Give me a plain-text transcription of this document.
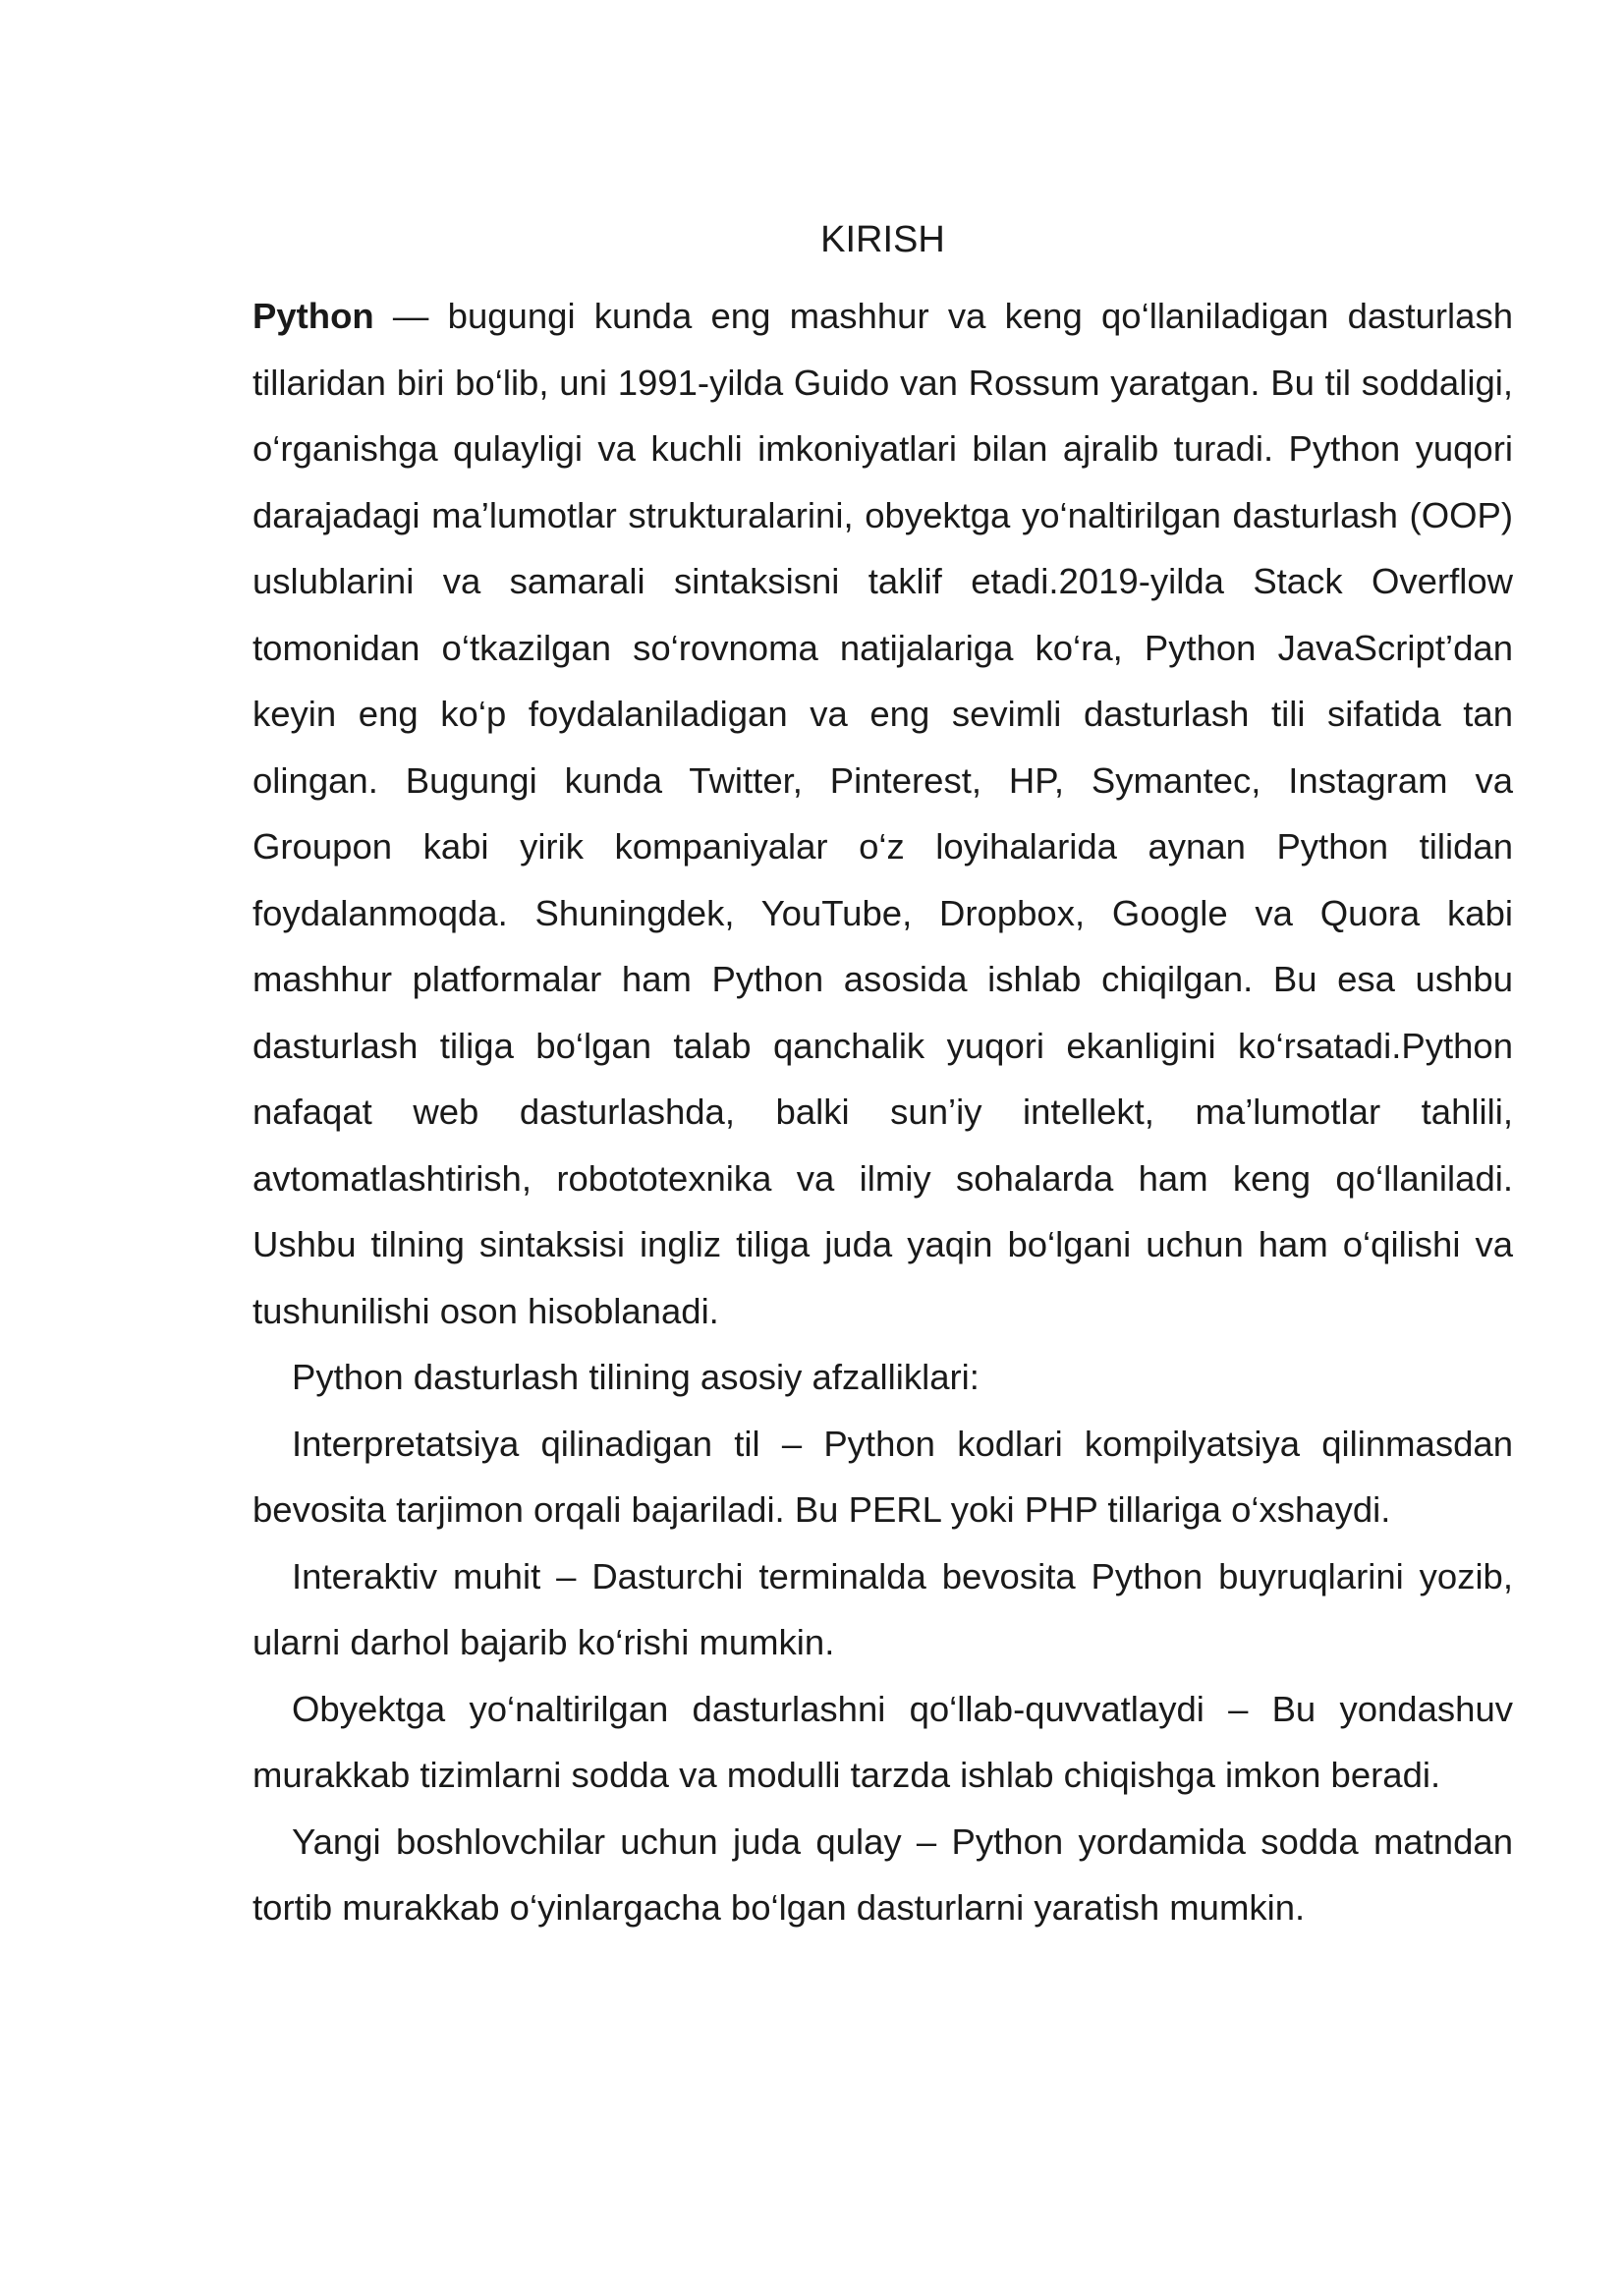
KIRISH

Python — bugungi kunda eng mashhur va keng qo‘llaniladigan dasturlash tillaridan biri bo‘lib, uni 1991-yilda Guido van Rossum yaratgan. Bu til soddaligi, o‘rganishga qulayligi va kuchli imkoniyatlari bilan ajralib turadi. Python yuqori darajadagi ma’lumotlar strukturalarini, obyektga yo‘naltirilgan dasturlash (OOP) uslublarini va samarali sintaksisni taklif etadi.2019-yilda Stack Overflow tomonidan o‘tkazilgan so‘rovnoma natijalariga ko‘ra, Python JavaScript’dan keyin eng ko‘p foydalaniladigan va eng sevimli dasturlash tili sifatida tan olingan. Bugungi kunda Twitter, Pinterest, HP, Symantec, Instagram va Groupon kabi yirik kompaniyalar o‘z loyihalarida aynan Python tilidan foydalanmoqda. Shuningdek, YouTube, Dropbox, Google va Quora kabi mashhur platformalar ham Python asosida ishlab chiqilgan. Bu esa ushbu dasturlash tiliga bo‘lgan talab qanchalik yuqori ekanligini ko‘rsatadi.Python nafaqat web dasturlashda, balki sun’iy intellekt, ma’lumotlar tahlili, avtomatlashtirish, robototexnika va ilmiy sohalarda ham keng qo‘llaniladi. Ushbu tilning sintaksisi ingliz tiliga juda yaqin bo‘lgani uchun ham o‘qilishi va tushunilishi oson hisoblanadi.

Python dasturlash tilining asosiy afzalliklari:

Interpretatsiya qilinadigan til – Python kodlari kompilyatsiya qilinmasdan bevosita tarjimon orqali bajariladi. Bu PERL yoki PHP tillariga o‘xshaydi.

Interaktiv muhit – Dasturchi terminalda bevosita Python buyruqlarini yozib, ularni darhol bajarib ko‘rishi mumkin.

Obyektga yo‘naltirilgan dasturlashni qo‘llab-quvvatlaydi – Bu yondashuv murakkab tizimlarni sodda va modulli tarzda ishlab chiqishga imkon beradi.

Yangi boshlovchilar uchun juda qulay – Python yordamida sodda matndan tortib murakkab o‘yinlargacha bo‘lgan dasturlarni yaratish mumkin.
